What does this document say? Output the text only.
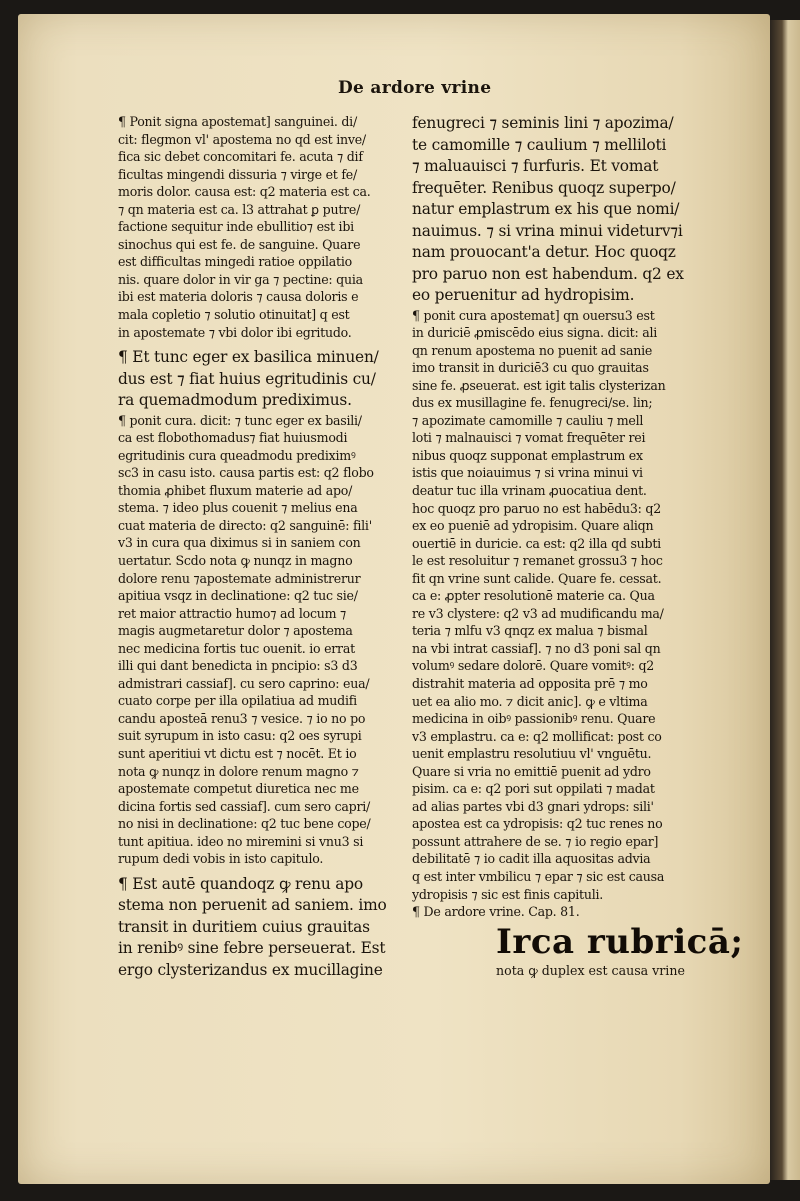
De ardore vrine
¶ Ponit signa apostemat] sanguinei. di/
cit: flegmon vl' apostema no qd est inve/
fica sic debet concomitari fe. acuta ⁊ dif
ficultas mingendi dissuria ⁊ virge et fe/
moris dolor. causa est: q2 materia est ca.
⁊ qn materia est ca. l3 attrahat ꝑ putre/
factione sequitur inde ebullitio⁊ est ibi
sinochus qui est fe. de sanguine. Quare
est difficultas mingedi ratioe oppilatio
nis. quare dolor in vir ga ⁊ pectine: quia
ibi est materia doloris ⁊ causa doloris e
mala copletio ⁊ solutio otinuitat] q est
in apostemate ⁊ vbi dolor ibi egritudo.
¶ Et tunc eger ex basilica minuen/
dus est ⁊ fiat huius egritudinis cu/
ra quemadmodum prediximus.
¶ ponit cura. dicit: ⁊ tunc eger ex basili/
ca est flobothomadus⁊ fiat huiusmodi
egritudinis cura queadmodu prediximꝰ
sc3 in casu isto. causa partis est: q2 flobo
thomia ꝓhibet fluxum materie ad apo/
stema. ⁊ ideo plus couenit ⁊ melius ena
cuat materia de directo: q2 sanguinē: fili'
v3 in cura qua diximus si in saniem con
uertatur. Scdo nota ꝙ nunqz in magno
dolore renu ⁊apostemate administrerur
apitiua vsqz in declinatione: q2 tuc sie/
ret maior attractio humo⁊ ad locum ⁊
magis augmetaretur dolor ⁊ apostema
nec medicina fortis tuc ouenit. io errat
illi qui dant benedicta in pncipio: s3 d3
admistrari cassiaf]. cu sero caprino: eua/
cuato corpe per illa opilatiua ad mudifi
candu aposteā renu3 ⁊ vesice. ⁊ io no po
suit syrupum in isto casu: q2 oes syrupi
sunt aperitiui vt dictu est ⁊ nocēt. Et io
nota ꝙ nunqz in dolore renum magno ⁊
apostemate competut diuretica nec me
dicina fortis sed cassiaf]. cum sero capri/
no nisi in declinatione: q2 tuc bene cope/
tunt apitiua. ideo no miremini si vnu3 si
rupum dedi vobis in isto capitulo.
¶ Est autē quandoqz ꝙ renu apo
stema non peruenit ad saniem. imo
transit in duritiem cuius grauitas
in renibꝰ sine febre perseuerat. Est
ergo clysterizandus ex mucillagine
fenugreci ⁊ seminis lini ⁊ apozima/
te camomille ⁊ caulium ⁊ melliloti
⁊ maluauisci ⁊ furfuris. Et vomat
frequēter. Renibus quoqz superpo/
natur emplastrum ex his que nomi/
nauimus. ⁊ si vrina minui videturv⁊i
nam prouocant'a detur. Hoc quoqz
pro paruo non est habendum. q2 ex
eo peruenitur ad hydropisim.
¶ ponit cura apostemat] qn ouersu3 est
in duriciē ꝓmiscēdo eius signa. dicit: ali
qn renum apostema no puenit ad sanie
imo transit in duriciē3 cu quo grauitas
sine fe. ꝓseuerat. est igit talis clysterizan
dus ex musillagine fe. fenugreci/se. lin;
⁊ apozimate camomille ⁊ cauliu ⁊ mell
loti ⁊ malnauisci ⁊ vomat frequēter rei
nibus quoqz supponat emplastrum ex
istis que noiauimus ⁊ si vrina minui vi
deatur tuc illa vrinam ꝓuocatiua dent.
hoc quoqz pro paruo no est habēdu3: q2
ex eo pueniē ad ydropisim. Quare aliqn
ouertiē in duricie. ca est: q2 illa qd subti
le est resoluitur ⁊ remanet grossu3 ⁊ hoc
fit qn vrine sunt calide. Quare fe. cessat.
ca e: ꝓpter resolutionē materie ca. Qua
re v3 clystere: q2 v3 ad mudificandu ma/
teria ⁊ mlfu v3 qnqz ex malua ⁊ bismal
na vbi intrat cassiaf]. ⁊ no d3 poni sal qn
volumꝰ sedare dolorē. Quare vomitꝰ: q2
distrahit materia ad opposita prē ⁊ mo
uet ea alio mo. ⁊ dicit anic]. ꝙ e vltima
medicina in oibꝰ passionibꝰ renu. Quare
v3 emplastru. ca e: q2 mollificat: post co
uenit emplastru resolutiuu vl' vnguētu.
Quare si vria no emittiē puenit ad ydro
pisim. ca e: q2 pori sut oppilati ⁊ madat
ad alias partes vbi d3 gnari ydrops: sili'
apostea est ca ydropisis: q2 tuc renes no
possunt attrahere de se. ⁊ io regio epar]
debilitatē ⁊ io cadit illa aquositas advia
q est inter vmbilicu ⁊ epar ⁊ sic est causa
ydropisis ⁊ sic est finis capituli.
¶ De ardore vrine. Cap. 81.
Irca rubricā;
nota ꝙ duplex est causa vrine
